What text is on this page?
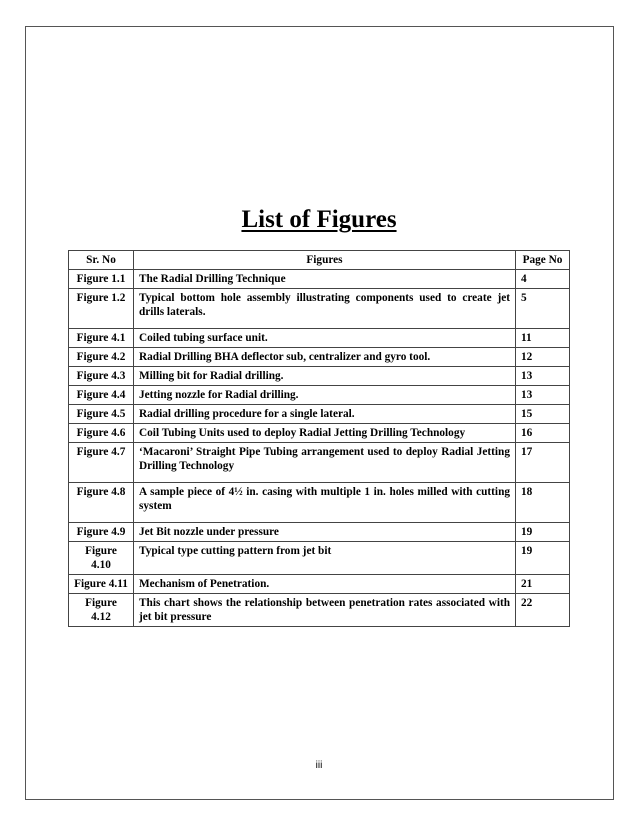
List of Figures
Sr. No	Figures	Page No
Figure 1.1	The Radial Drilling Technique	4
Figure 1.2	Typical bottom hole assembly illustrating components used to create jet drills laterals.	5
Figure 4.1	Coiled tubing surface unit.	11
Figure 4.2	Radial Drilling BHA deflector sub, centralizer and gyro tool.	12
Figure 4.3	Milling bit for Radial drilling.	13
Figure 4.4	Jetting nozzle for Radial drilling.	13
Figure 4.5	Radial drilling procedure for a single lateral.	15
Figure 4.6	Coil Tubing Units used to deploy Radial Jetting Drilling Technology	16
Figure 4.7	‘Macaroni’ Straight Pipe Tubing arrangement used to deploy Radial Jetting Drilling Technology	17
Figure 4.8	A sample piece of 4½ in. casing with multiple 1 in. holes milled with cutting system	18
Figure 4.9	Jet Bit nozzle under pressure	19
Figure 4.10	Typical type cutting pattern from jet bit	19
Figure 4.11	Mechanism of Penetration.	21
Figure 4.12	This chart shows the relationship between penetration rates associated with jet bit pressure	22
iii
